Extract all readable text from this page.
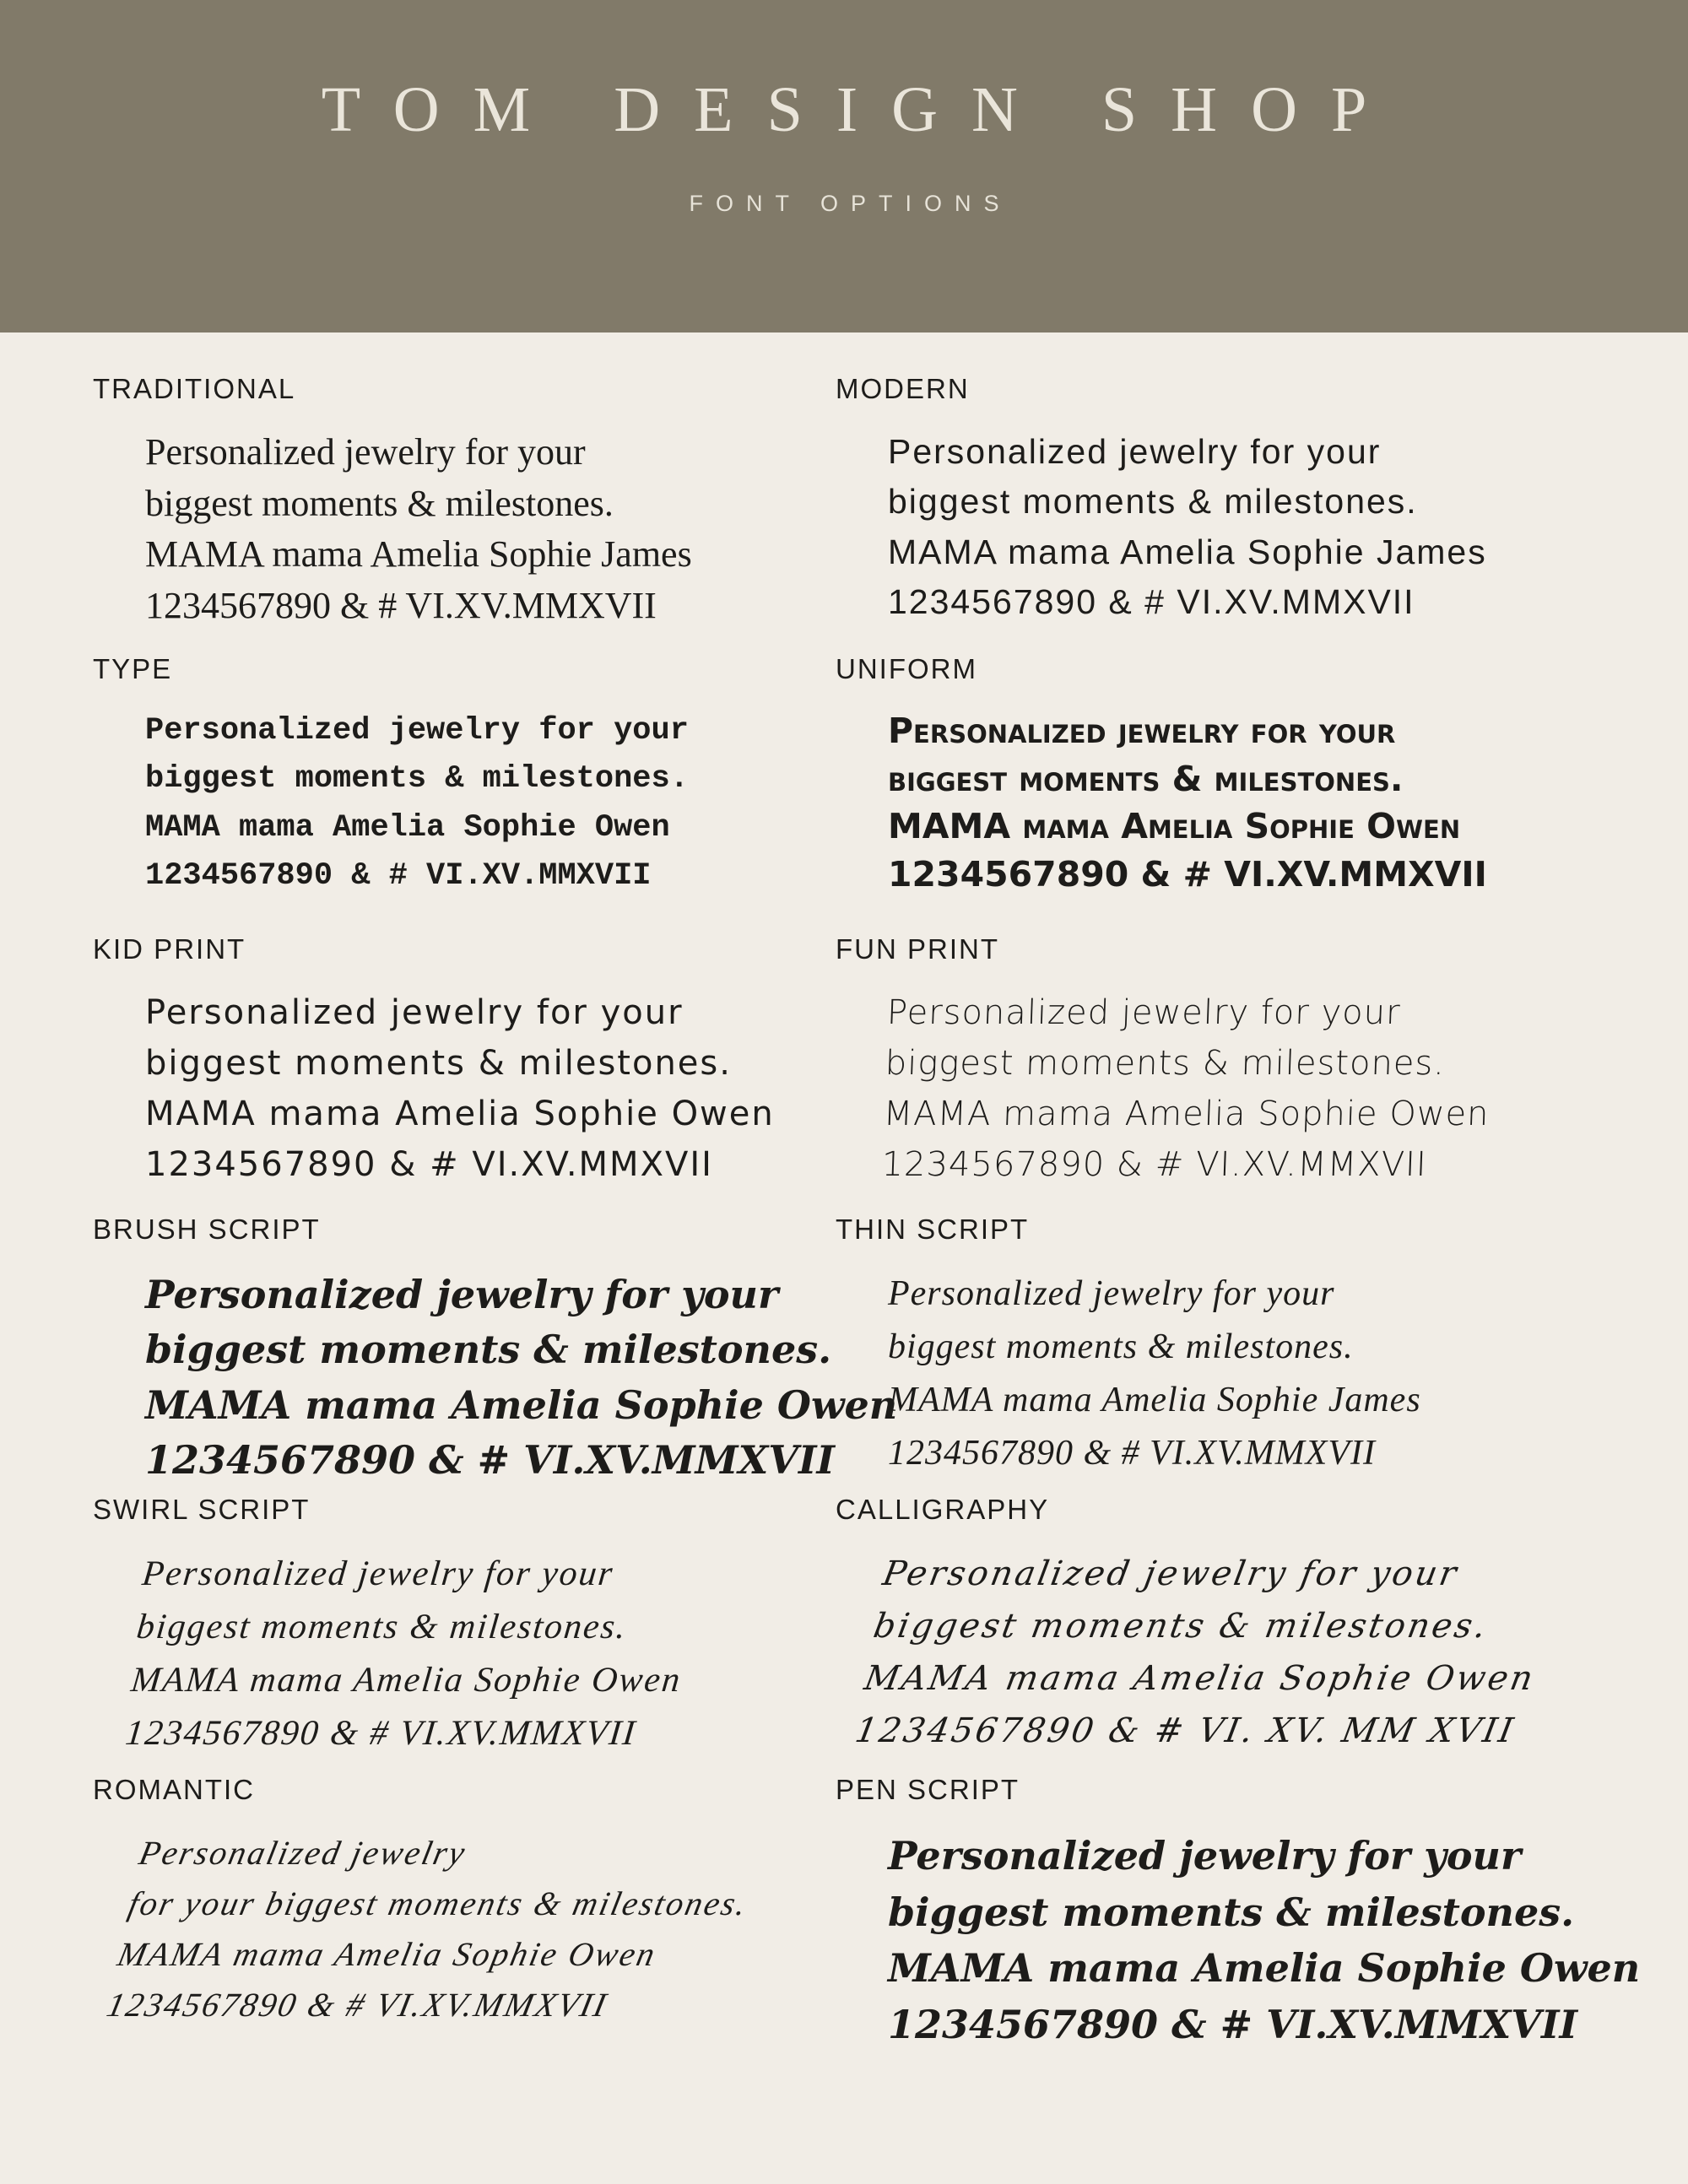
TOM DESIGN SHOP
FONT OPTIONS
TRADITIONAL
Personalized jewelry for your
biggest moments & milestones.
MAMA mama Amelia Sophie James
1234567890 & # VI.XV.MMXVII
MODERN
Personalized jewelry for your
biggest moments & milestones.
MAMA mama Amelia Sophie James
1234567890 & # VI.XV.MMXVII
TYPE
Personalized jewelry for your
biggest moments & milestones.
MAMA mama Amelia Sophie Owen
1234567890 & # VI.XV.MMXVII
UNIFORM
Personalized jewelry for your
biggest moments & milestones.
MAMA mama Amelia Sophie Owen
1234567890 & # VI.XV.MMXVII
KID PRINT
Personalized jewelry for your
biggest moments & milestones.
MAMA mama Amelia Sophie Owen
1234567890 & # VI.XV.MMXVII
FUN PRINT
Personalized jewelry for your
biggest moments & milestones.
MAMA mama Amelia Sophie Owen
1234567890 & # VI.XV.MMXVII
BRUSH SCRIPT
Personalized jewelry for your
biggest moments & milestones.
MAMA mama Amelia Sophie Owen
1234567890 & # VI.XV.MMXVII
THIN SCRIPT
Personalized jewelry for your
biggest moments & milestones.
MAMA mama Amelia Sophie James
1234567890 & # VI.XV.MMXVII
SWIRL SCRIPT
Personalized jewelry for your
biggest moments & milestones.
MAMA mama Amelia Sophie Owen
1234567890 & # VI.XV.MMXVII
CALLIGRAPHY
Personalized jewelry for your
biggest moments & milestones.
MAMA mama Amelia Sophie Owen
1234567890 & # VI. XV. MM XVII
ROMANTIC
Personalized jewelry
for your biggest moments & milestones.
MAMA mama Amelia Sophie Owen
1234567890 & # VI.XV.MMXVII
PEN SCRIPT
Personalized jewelry for your
biggest moments & milestones.
MAMA mama Amelia Sophie Owen
1234567890 & # VI.XV.MMXVII
